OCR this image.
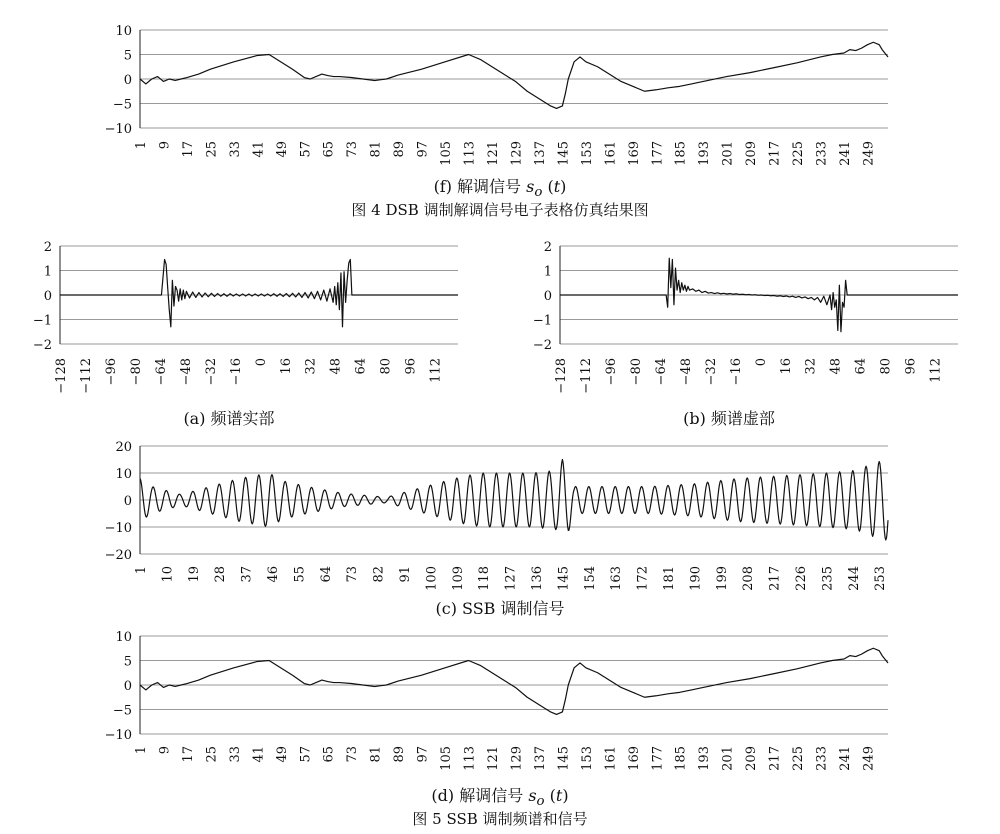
−10
−5
0
5
10
1 9 17 25 33 41 49 57 65 73 81 89 97 105 113 121 129 137 145 153 161 169 177 185 193 201 209 217 225 233 241 249
(f) 解调信号 $s_o$ (t)
图 4 DSB 调制解调信号电子表格仿真结果图
−2
−1
0
1
2
−128 −112 −96 −80 −64 −48 −32 −16 0 16 32 48 64 80 96 112
−2
−1
0
1
2
−128 −112 −96 −80 −64 −48 −32 −16 0 16 32 48 64 80 96 112
(a) 频谱实部	(b) 频谱虚部
−20
−10
0
10
20
1 10 19 28 37 46 55 64 73 82 91 100 109 118 127 136 145 154 163 172 181 190 199 208 217 226 235 244 253
(c) SSB 调制信号
−10
−5
0
5
10
1 9 17 25 33 41 49 57 65 73 81 89 97 105 113 121 129 137 145 153 161 169 177 185 193 201 209 217 225 233 241 249
(d) 解调信号 $s_o$ (t)
图 5 SSB 调制频谱和信号
